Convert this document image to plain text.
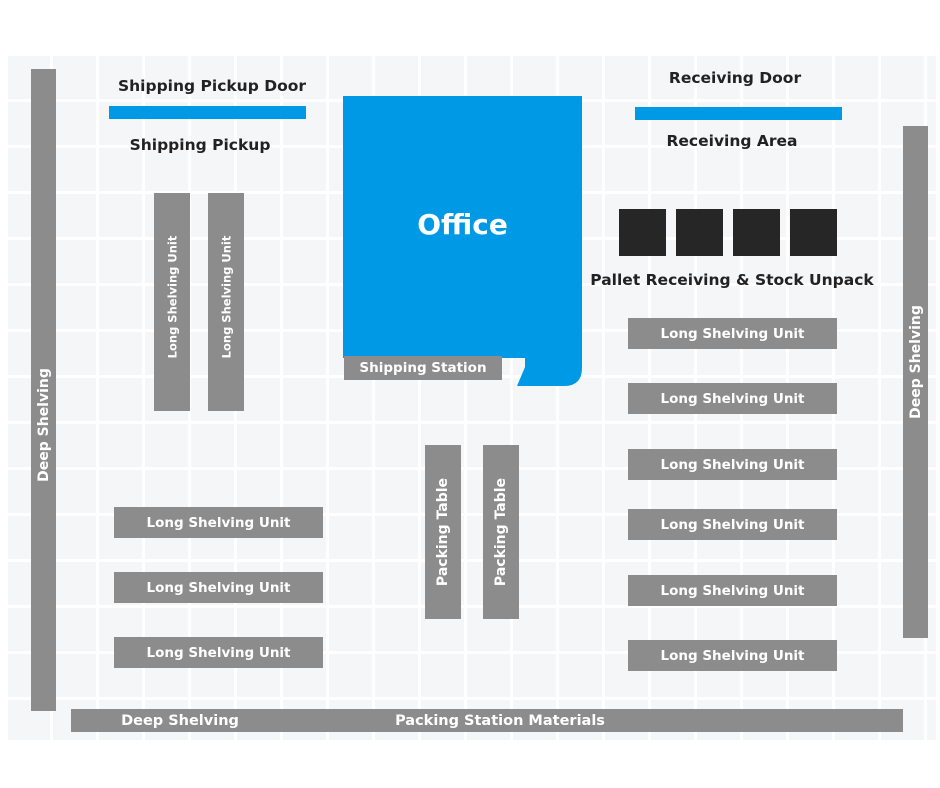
Shipping Pickup Door
Shipping Pickup
Receiving Door
Receiving Area
Office
Shipping Station
Pallet Receiving & Stock Unpack
Deep Shelving
Deep Shelving
Long Shelving Unit	Long Shelving Unit
Packing Table	Packing Table
Long Shelving Unit
Long Shelving Unit
Long Shelving Unit
Long Shelving Unit
Long Shelving Unit
Long Shelving Unit
Long Shelving Unit
Long Shelving Unit
Long Shelving Unit
Deep Shelving	Packing Station Materials
